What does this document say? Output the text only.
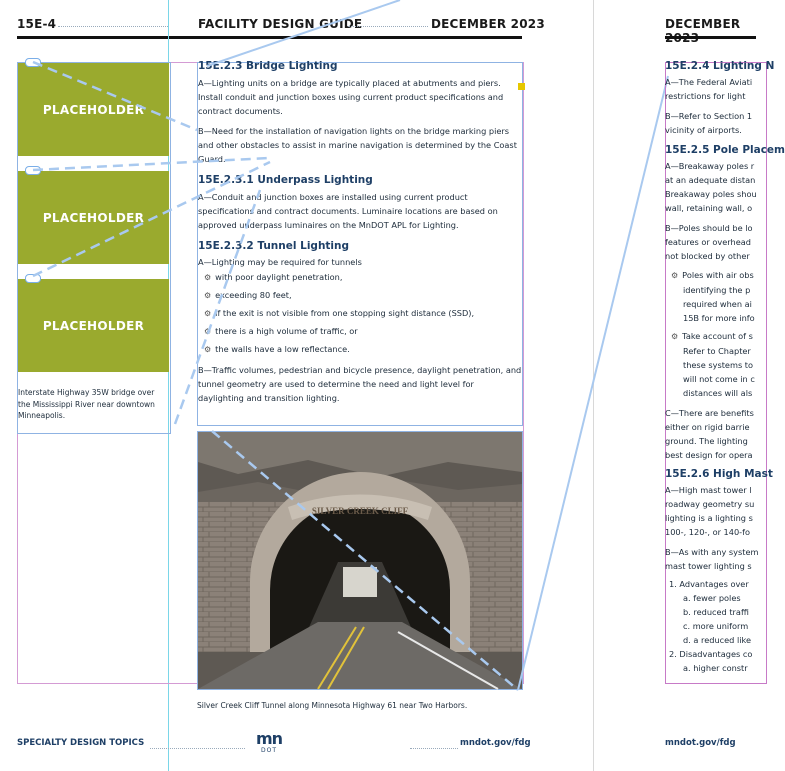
15E-4	FACILITY DESIGN GUIDE	DECEMBER 2023	DECEMBER
PLACEHOLDER
PLACEHOLDER
PLACEHOLDER
Interstate Highway 35W bridge over the Mississippi River near downtown Minneapolis.
15E.2.3 Bridge Lighting
A—Lighting units on a bridge are typically placed at abutments and piers. Install conduit and junction boxes using current product specifications and contract documents.
B—Need for the installation of navigation lights on the bridge marking piers and other obstacles to assist in marine navigation is determined by the Coast Guard.
15E.2.3.1 Underpass Lighting
A—Conduit and junction boxes are installed using current product specifications and contract documents. Luminaire locations are based on approved underpass luminaires on the MnDOT APL for Lighting.
15E.2.3.2 Tunnel Lighting
A—Lighting may be required for tunnels
⚙ with poor daylight penetration,
⚙ exceeding 80 feet,
⚙ if the exit is not visible from one stopping sight distance (SSD),
⚙ there is a high volume of traffic, or
⚙ the walls have a low reflectance.
B—Traffic volumes, pedestrian and bicycle presence, daylight penetration, and tunnel geometry are used to determine the need and light level for daylighting and transition lighting.
SILVER CREEK CLIFF
Silver Creek Cliff Tunnel along Minnesota Highway 61 near Two Harbors.
15E.2.4 Lighting N
A—The Federal Aviati
restrictions for light
B—Refer to Section 1
vicinity of airports.
15E.2.5 Pole Placem
A—Breakaway poles r
at an adequate distan
Breakaway poles shou
wall, retaining wall, o
B—Poles should be lo
features or overhead
not blocked by other
⚙ Poles with air obs
identifying the p
required when ai
15B for more info
⚙ Take account of s
Refer to Chapter
these systems to
will not come in c
distances will als
C—There are benefits
either on rigid barrie
ground. The lighting
best design for opera
15E.2.6 High Mast
A—High mast tower l
roadway geometry su
lighting is a lighting s
100-, 120-, or 140-fo
B—As with any system
mast tower lighting s
1. Advantages over
a. fewer poles
b. reduced traffi
c. more uniform
d. a reduced like
2. Disadvantages co
a. higher constr
SPECIALTY DESIGN TOPICS	mn
DOT
mndot.gov/fdg	mndot.gov/fdg
